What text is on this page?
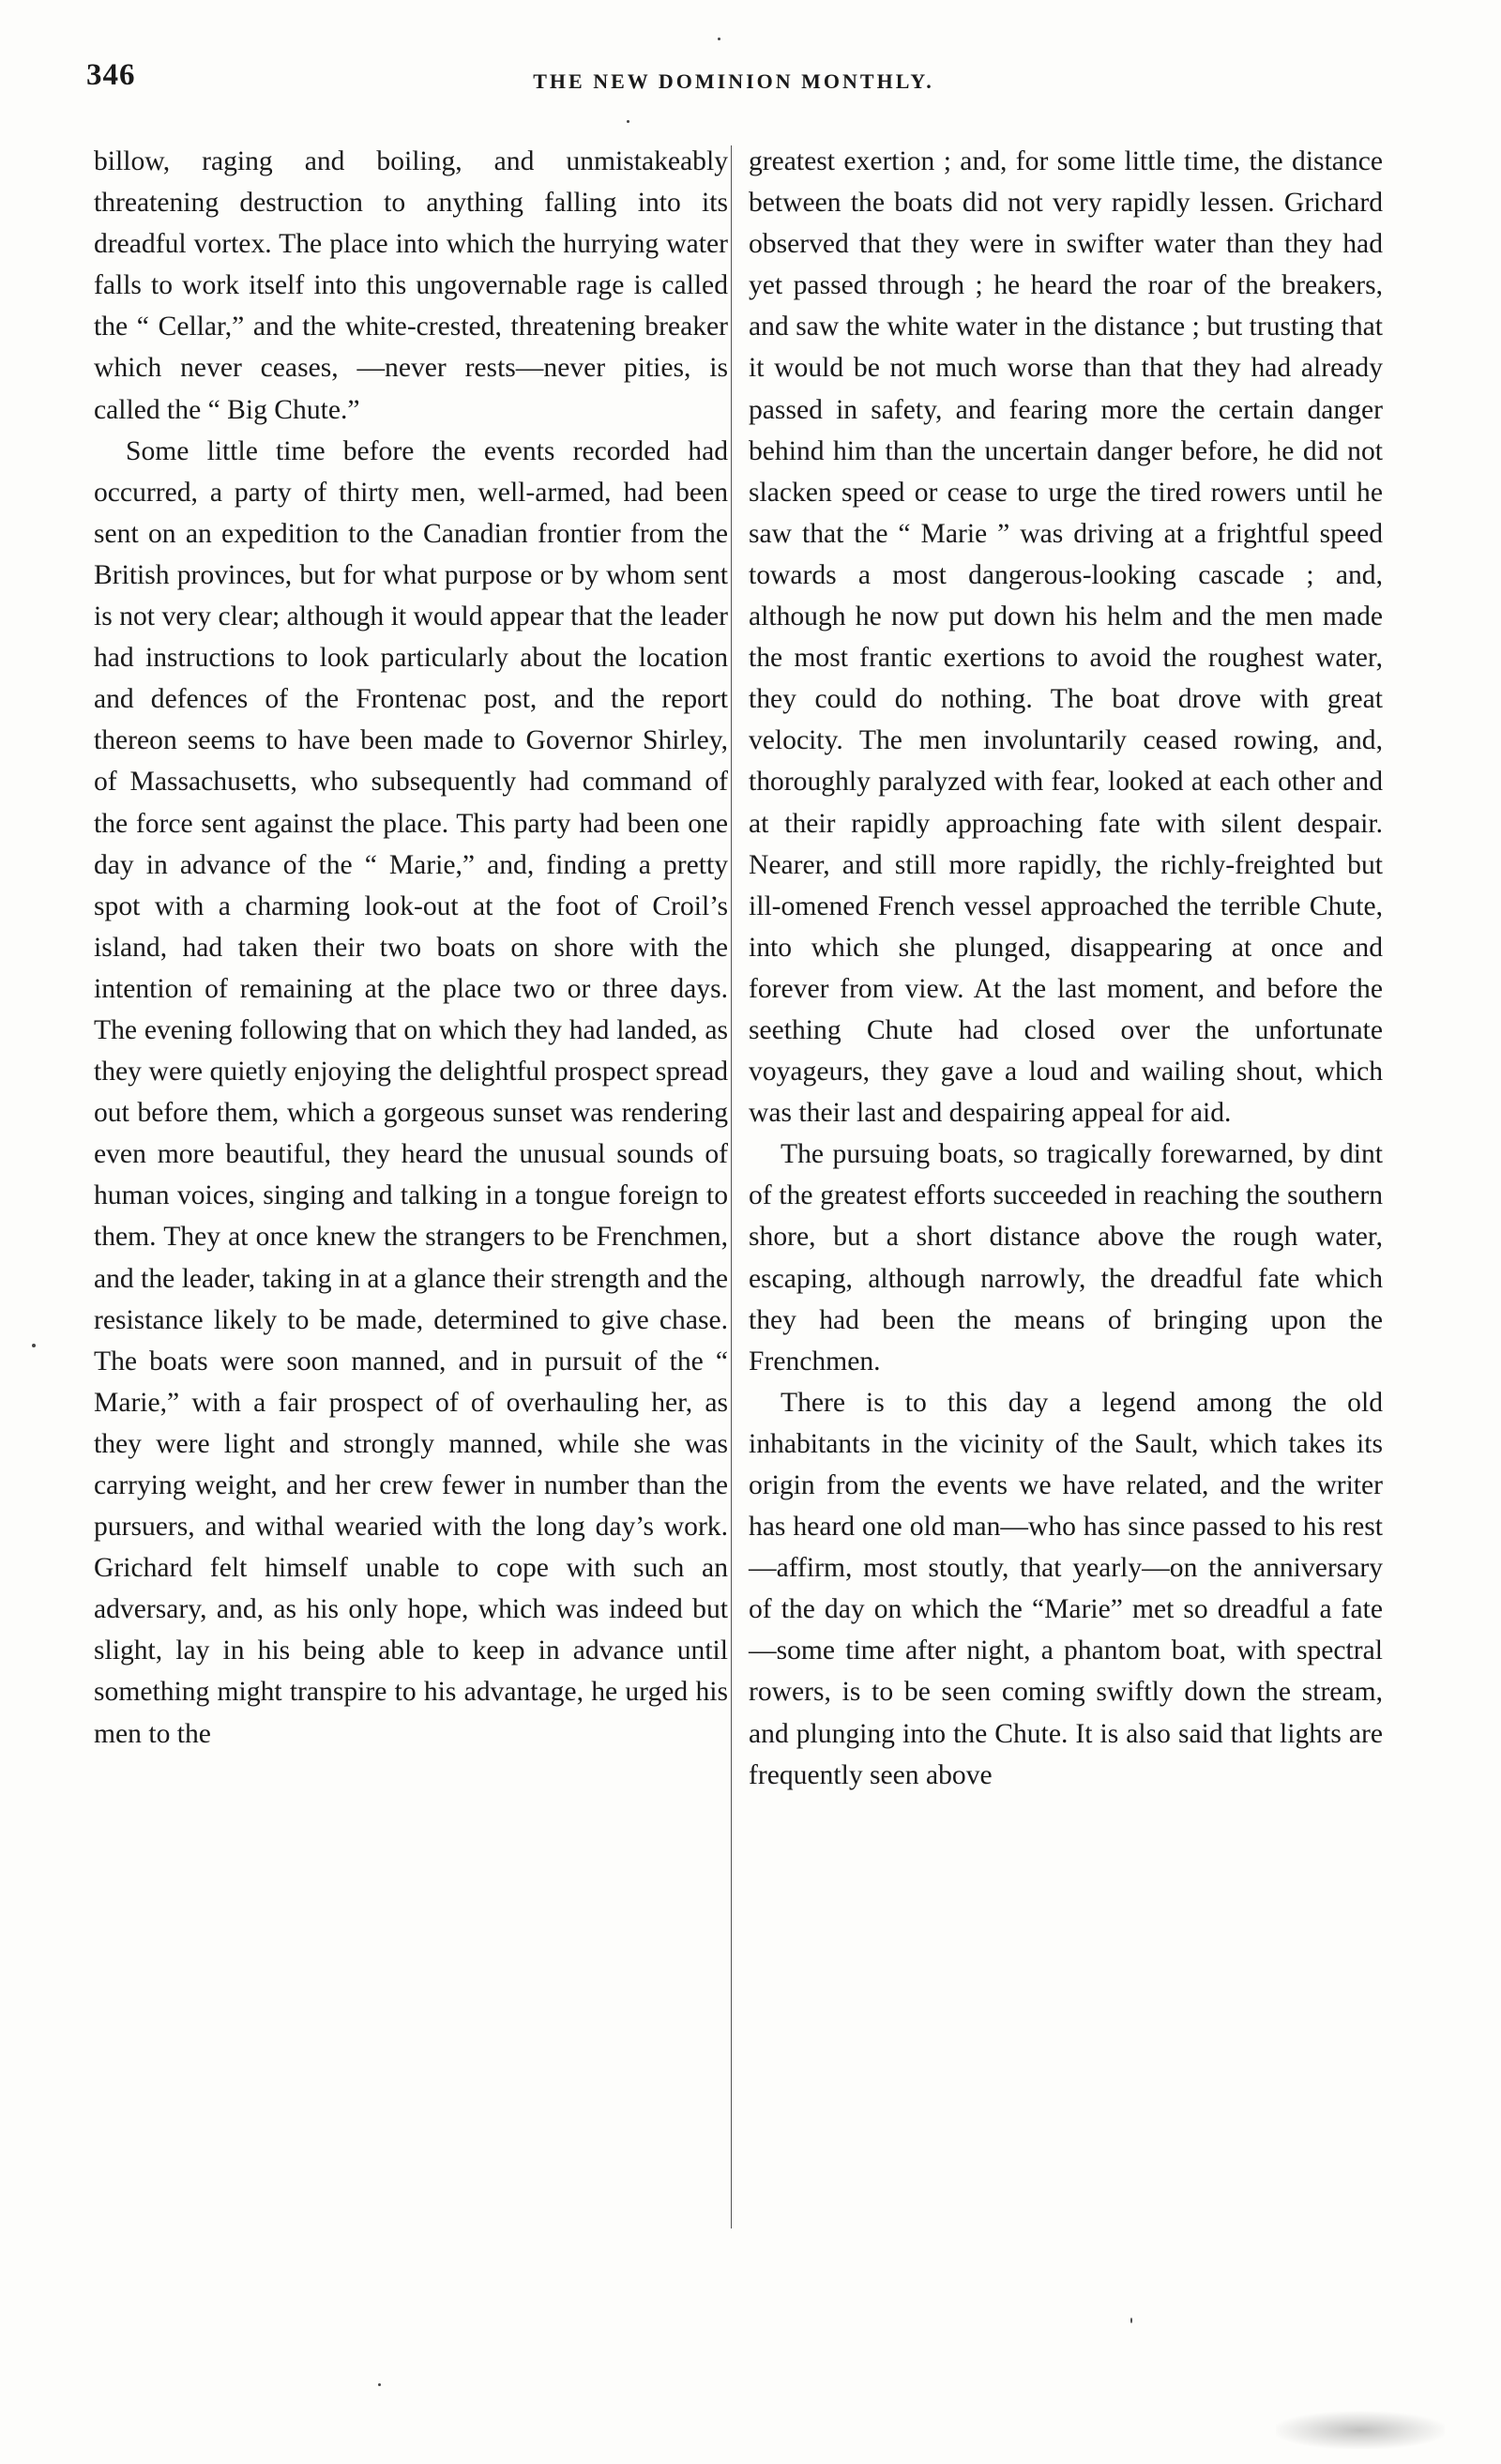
346	THE NEW DOMINION MONTHLY.

billow, raging and boiling, and unmistakeably threatening destruction to anything falling into its dreadful vortex. The place into which the hurrying water falls to work itself into this ungovernable rage is called the “ Cellar,” and the white-crested, threatening breaker which never ceases, —never rests—never pities, is called the “ Big Chute.”

Some little time before the events recorded had occurred, a party of thirty men, well-armed, had been sent on an expedition to the Canadian frontier from the British provinces, but for what purpose or by whom sent is not very clear; although it would appear that the leader had instructions to look particularly about the location and defences of the Frontenac post, and the report thereon seems to have been made to Governor Shirley, of Massachusetts, who subsequently had command of the force sent against the place. This party had been one day in advance of the “ Marie,” and, finding a pretty spot with a charming look-out at the foot of Croil’s island, had taken their two boats on shore with the intention of remaining at the place two or three days. The evening following that on which they had landed, as they were quietly enjoying the delightful prospect spread out before them, which a gorgeous sunset was rendering even more beautiful, they heard the unusual sounds of human voices, singing and talking in a tongue foreign to them. They at once knew the strangers to be Frenchmen, and the leader, taking in at a glance their strength and the resistance likely to be made, determined to give chase. The boats were soon manned, and in pursuit of the “ Marie,” with a fair prospect of of overhauling her, as they were light and strongly manned, while she was carrying weight, and her crew fewer in number than the pursuers, and withal wearied with the long day’s work. Grichard felt himself unable to cope with such an adversary, and, as his only hope, which was indeed but slight, lay in his being able to keep in advance until something might transpire to his advantage, he urged his men to the

greatest exertion ; and, for some little time, the distance between the boats did not very rapidly lessen. Grichard observed that they were in swifter water than they had yet passed through ; he heard the roar of the breakers, and saw the white water in the distance ; but trusting that it would be not much worse than that they had already passed in safety, and fearing more the certain danger behind him than the uncertain danger before, he did not slacken speed or cease to urge the tired rowers until he saw that the “ Marie ” was driving at a frightful speed towards a most dangerous-looking cascade ; and, although he now put down his helm and the men made the most frantic exertions to avoid the roughest water, they could do nothing. The boat drove with great velocity. The men involuntarily ceased rowing, and, thoroughly paralyzed with fear, looked at each other and at their rapidly approaching fate with silent despair. Nearer, and still more rapidly, the richly-freighted but ill-omened French vessel approached the terrible Chute, into which she plunged, disappearing at once and forever from view. At the last moment, and before the seething Chute had closed over the unfortunate voyageurs, they gave a loud and wailing shout, which was their last and despairing appeal for aid.

The pursuing boats, so tragically forewarned, by dint of the greatest efforts succeeded in reaching the southern shore, but a short distance above the rough water, escaping, although narrowly, the dreadful fate which they had been the means of bringing upon the Frenchmen.

There is to this day a legend among the old inhabitants in the vicinity of the Sault, which takes its origin from the events we have related, and the writer has heard one old man—who has since passed to his rest —affirm, most stoutly, that yearly—on the anniversary of the day on which the “Marie” met so dreadful a fate—some time after night, a phantom boat, with spectral rowers, is to be seen coming swiftly down the stream, and plunging into the Chute. It is also said that lights are frequently seen above
